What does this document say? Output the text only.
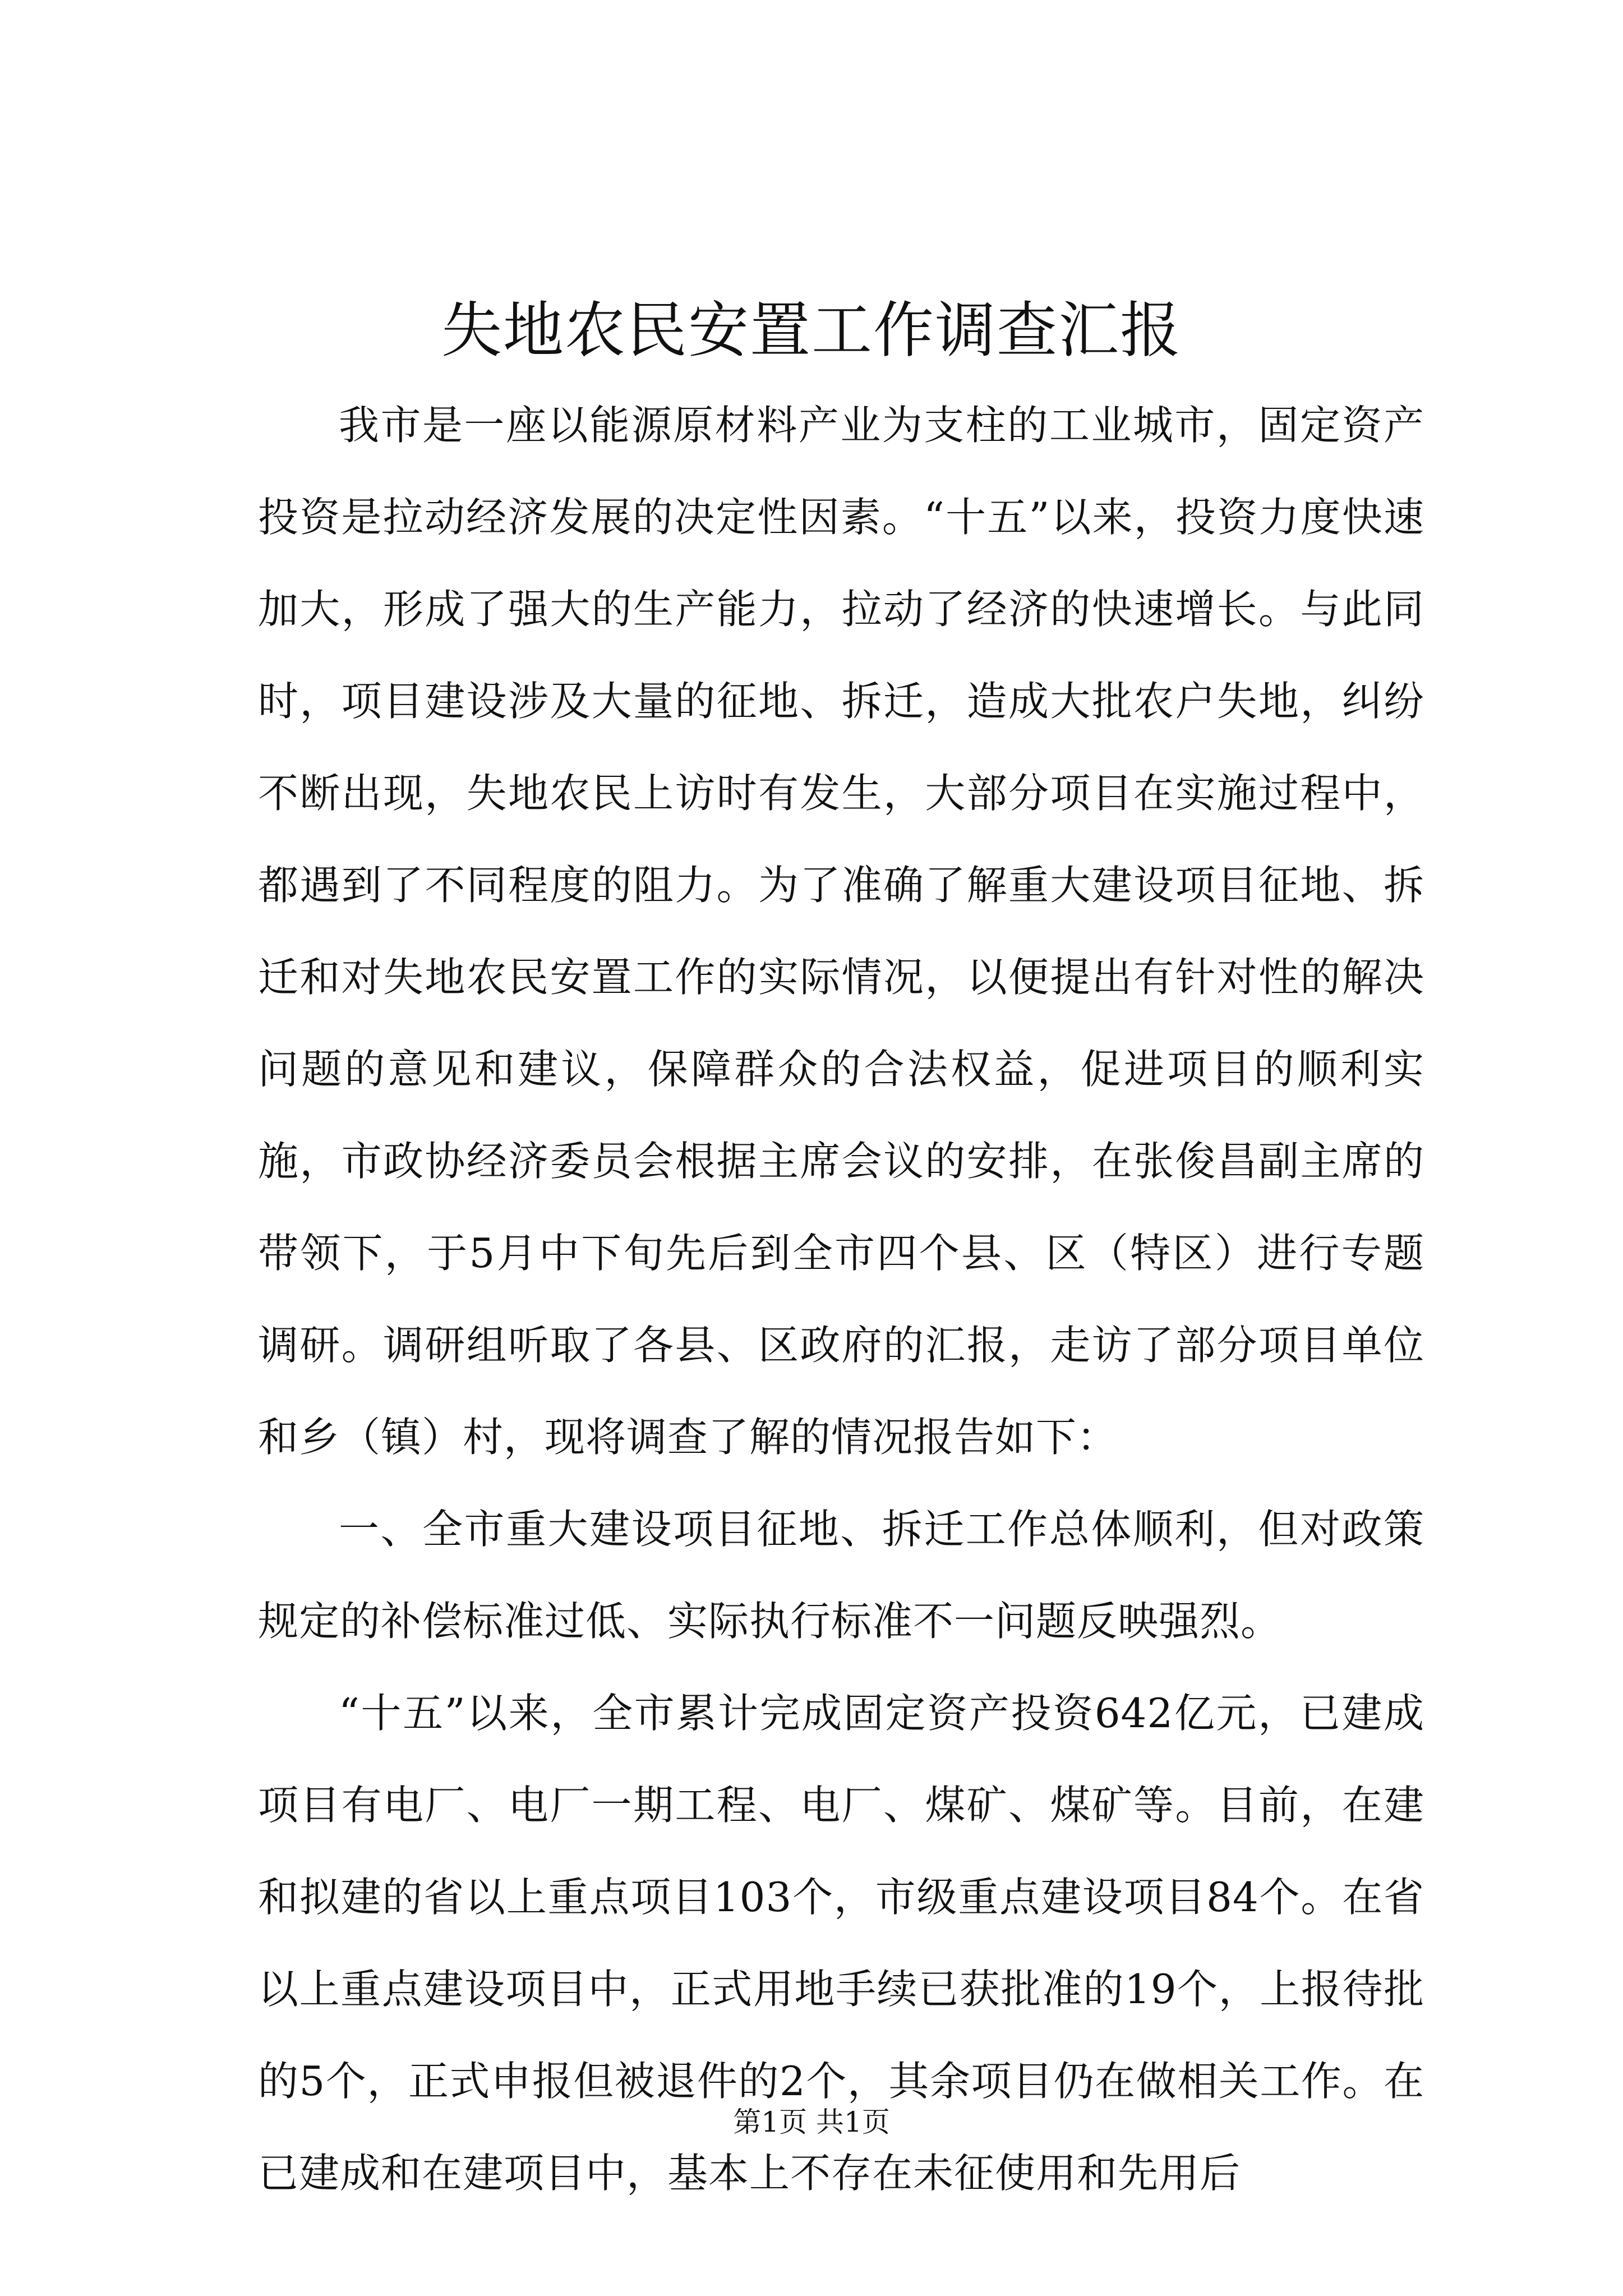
失地农民安置工作调查汇报

我市是一座以能源原材料产业为支柱的工业城市，固定资产投资是拉动经济发展的决定性因素。“十五”以来，投资力度快速加大，形成了强大的生产能力，拉动了经济的快速增长。与此同时，项目建设涉及大量的征地、拆迁，造成大批农户失地，纠纷不断出现，失地农民上访时有发生，大部分项目在实施过程中，都遇到了不同程度的阻力。为了准确了解重大建设项目征地、拆迁和对失地农民安置工作的实际情况，以便提出有针对性的解决问题的意见和建议，保障群众的合法权益，促进项目的顺利实施，市政协经济委员会根据主席会议的安排，在张俊昌副主席的带领下，于5月中下旬先后到全市四个县、区（特区）进行专题调研。调研组听取了各县、区政府的汇报，走访了部分项目单位和乡（镇）村，现将调查了解的情况报告如下：

一、全市重大建设项目征地、拆迁工作总体顺利，但对政策规定的补偿标准过低、实际执行标准不一问题反映强烈。

“十五”以来，全市累计完成固定资产投资642亿元，已建成项目有电厂、电厂一期工程、电厂、煤矿、煤矿等。目前，在建和拟建的省以上重点项目103个，市级重点建设项目84个。在省以上重点建设项目中，正式用地手续已获批准的19个，上报待批的5个，正式申报但被退件的2个，其余项目仍在做相关工作。在已建成和在建项目中，基本上不存在未征使用和先用后

第1页 共1页
